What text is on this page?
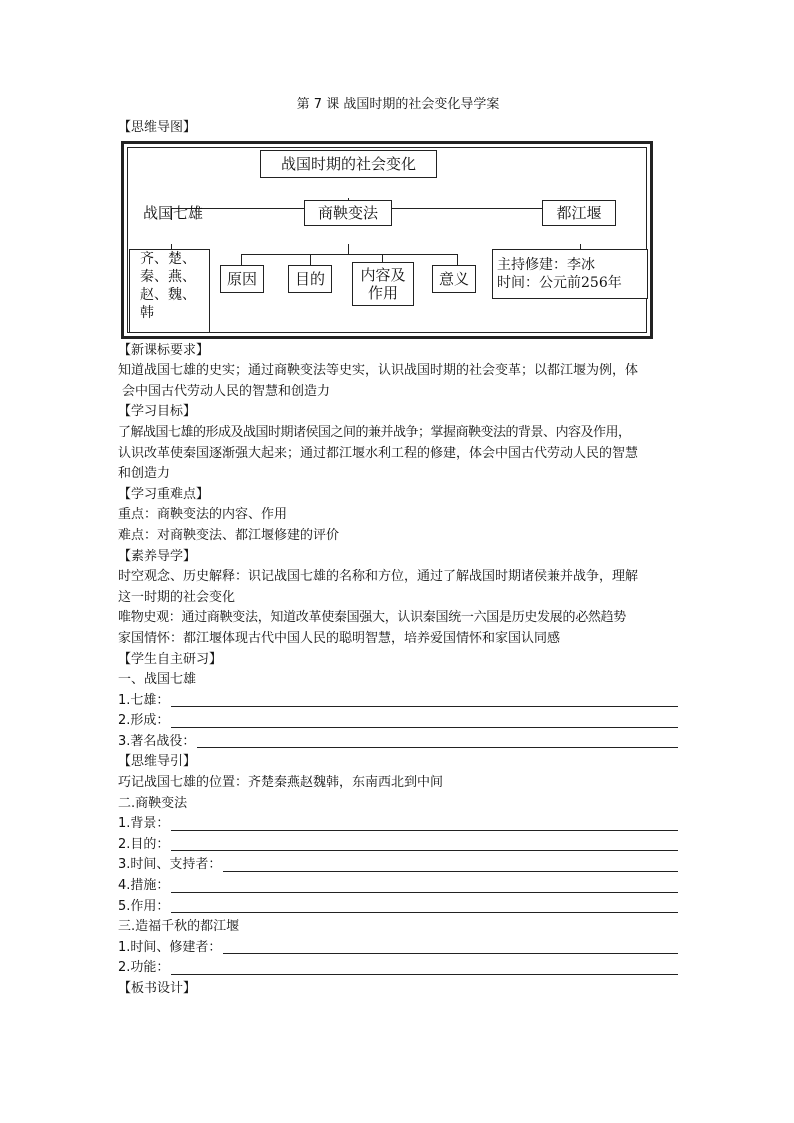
第 7 课 战国时期的社会变化导学案

【思维导图】

战国时期的社会变化
战国七雄	商鞅变法	都江堰
齐、楚、
秦、燕、
赵、魏、
韩
原因	目的	内容及
作用
意义
主持修建：李冰
时间：公元前256年

【新课标要求】

知道战国七雄的史实；通过商鞅变法等史实，认识战国时期的社会变革；以都江堰为例，体

会中国古代劳动人民的智慧和创造力

【学习目标】

了解战国七雄的形成及战国时期诸侯国之间的兼并战争；掌握商鞅变法的背景、内容及作用，

认识改革使秦国逐渐强大起来；通过都江堰水利工程的修建，体会中国古代劳动人民的智慧

和创造力

【学习重难点】

重点：商鞅变法的内容、作用

难点：对商鞅变法、都江堰修建的评价

【素养导学】

时空观念、历史解释：识记战国七雄的名称和方位，通过了解战国时期诸侯兼并战争，理解

这一时期的社会变化

唯物史观：通过商鞅变法，知道改革使秦国强大，认识秦国统一六国是历史发展的必然趋势

家国情怀：都江堰体现古代中国人民的聪明智慧，培养爱国情怀和家国认同感

【学生自主研习】

一、战国七雄

1.七雄：
2.形成：
3.著名战役：

【思维导引】

巧记战国七雄的位置：齐楚秦燕赵魏韩，东南西北到中间

二.商鞅变法

1.背景：
2.目的：
3.时间、支持者：
4.措施：
5.作用：

三.造福千秋的都江堰

1.时间、修建者：
2.功能：

【板书设计】
